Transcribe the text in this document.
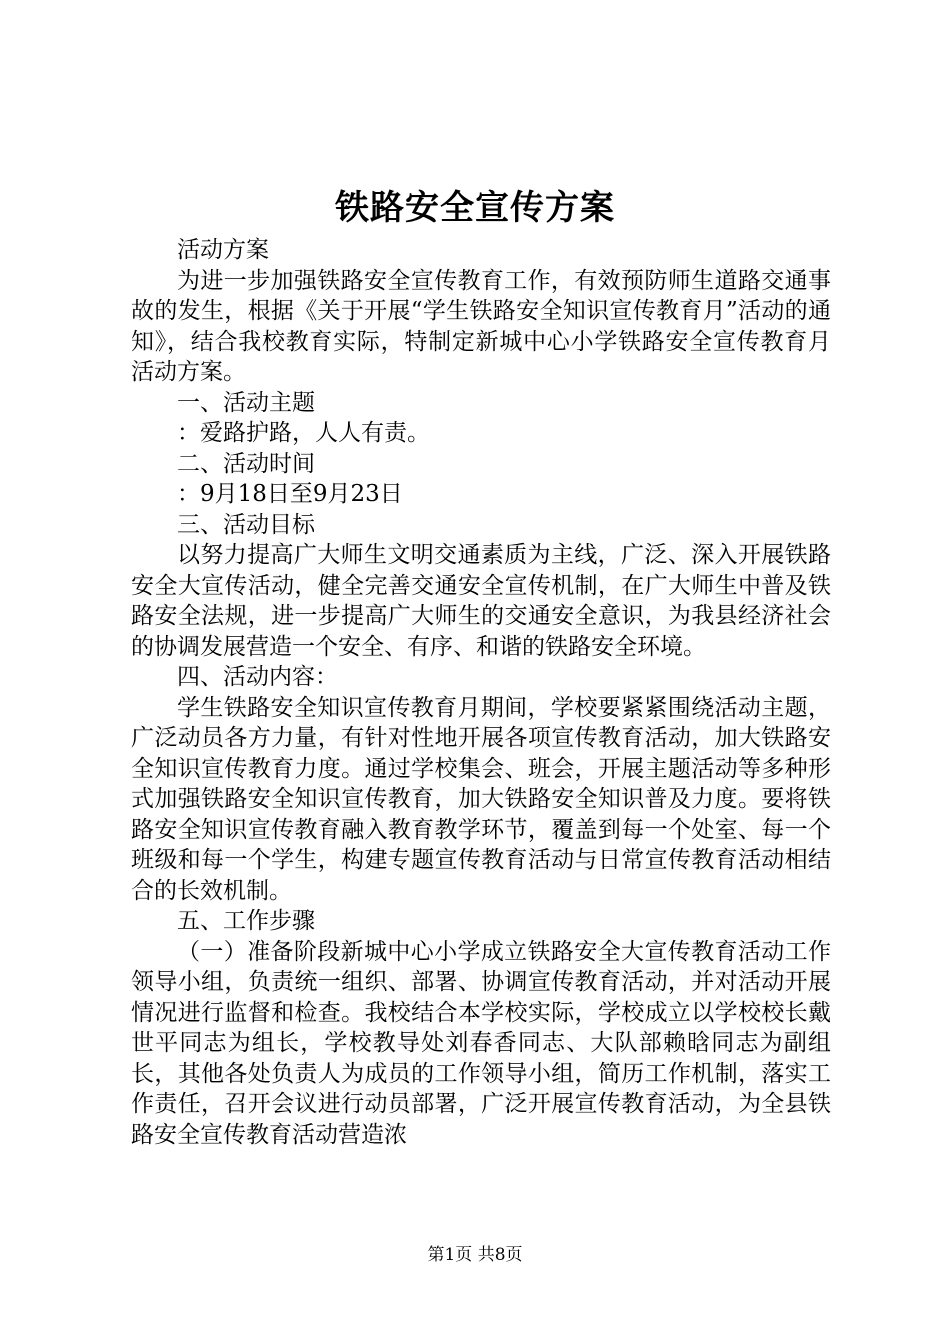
铁路安全宣传方案

活动方案

为进一步加强铁路安全宣传教育工作，有效预防师生道路交通事故的发生，根据《关于开展“学生铁路安全知识宣传教育月”活动的通知》，结合我校教育实际，特制定新城中心小学铁路安全宣传教育月活动方案。

一、活动主题

：爱路护路，人人有责。

二、活动时间

：9月18日至9月23日

三、活动目标

以努力提高广大师生文明交通素质为主线，广泛、深入开展铁路安全大宣传活动，健全完善交通安全宣传机制，在广大师生中普及铁路安全法规，进一步提高广大师生的交通安全意识，为我县经济社会的协调发展营造一个安全、有序、和谐的铁路安全环境。

四、活动内容：

学生铁路安全知识宣传教育月期间，学校要紧紧围绕活动主题，广泛动员各方力量，有针对性地开展各项宣传教育活动，加大铁路安全知识宣传教育力度。通过学校集会、班会，开展主题活动等多种形式加强铁路安全知识宣传教育，加大铁路安全知识普及力度。要将铁路安全知识宣传教育融入教育教学环节，覆盖到每一个处室、每一个班级和每一个学生，构建专题宣传教育活动与日常宣传教育活动相结合的长效机制。

五、工作步骤

（一）准备阶段新城中心小学成立铁路安全大宣传教育活动工作领导小组，负责统一组织、部署、协调宣传教育活动，并对活动开展情况进行监督和检查。我校结合本学校实际，学校成立以学校校长戴世平同志为组长，学校教导处刘春香同志、大队部赖晗同志为副组长，其他各处负责人为成员的工作领导小组，简历工作机制，落实工作责任，召开会议进行动员部署，广泛开展宣传教育活动，为全县铁路安全宣传教育活动营造浓

第1页 共8页
